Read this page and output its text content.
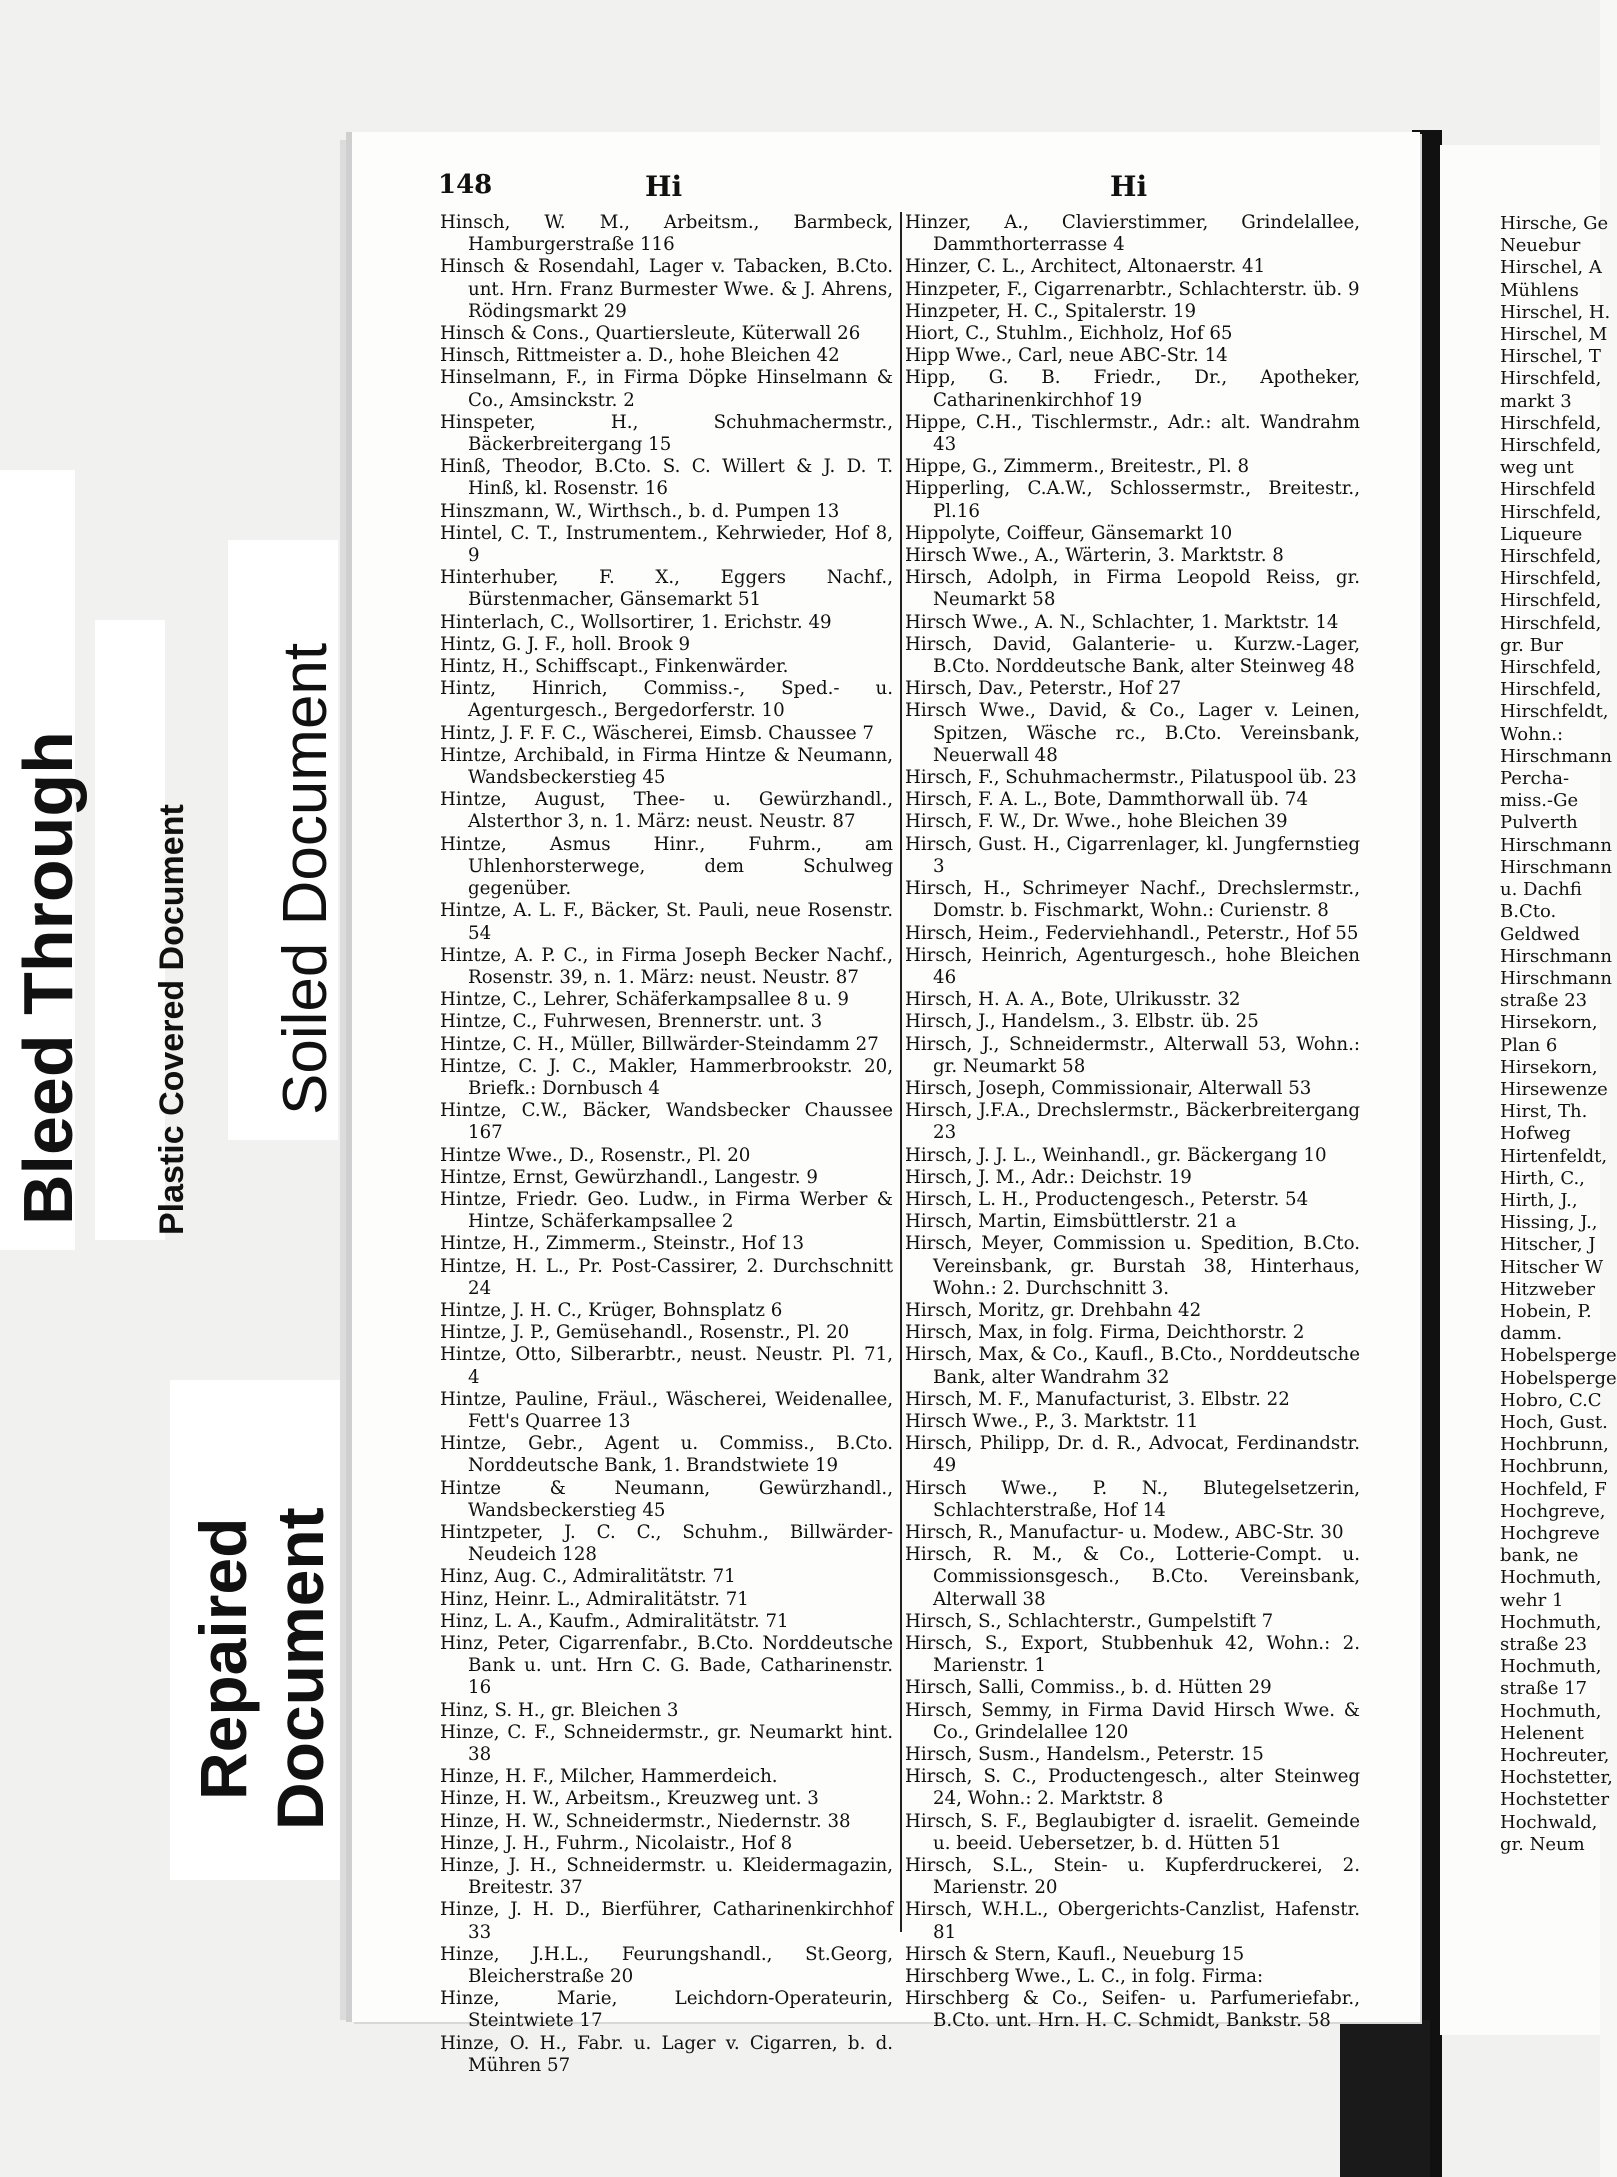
Bleed Through Plastic Covered Document Soiled Document
Repaired Document
148	Hi	Hi
Hinsch, W. M., Arbeitsm., Barmbeck, Hamburgerstraße 116
Hinsch & Rosendahl, Lager v. Tabacken, B.Cto. unt. Hrn. Franz Burmester Wwe. & J. Ahrens, Rödingsmarkt 29
Hinsch & Cons., Quartiersleute, Küterwall 26
Hinsch, Rittmeister a. D., hohe Bleichen 42
Hinselmann, F., in Firma Döpke Hinselmann & Co., Amsinckstr. 2
Hinspeter, H., Schuhmachermstr., Bäckerbreitergang 15
Hinß, Theodor, B.Cto. S. C. Willert & J. D. T. Hinß, kl. Rosenstr. 16
Hinszmann, W., Wirthsch., b. d. Pumpen 13
Hintel, C. T., Instrumentem., Kehrwieder, Hof 8, 9
Hinterhuber, F. X., Eggers Nachf., Bürstenmacher, Gänsemarkt 51
Hinterlach, C., Wollsortirer, 1. Erichstr. 49
Hintz, G. J. F., holl. Brook 9
Hintz, H., Schiffscapt., Finkenwärder.
Hintz, Hinrich, Commiss.-, Sped.- u. Agenturgesch., Bergedorferstr. 10
Hintz, J. F. F. C., Wäscherei, Eimsb. Chaussee 7
Hintze, Archibald, in Firma Hintze & Neumann, Wandsbeckerstieg 45
Hintze, August, Thee- u. Gewürzhandl., Alsterthor 3, n. 1. März: neust. Neustr. 87
Hintze, Asmus Hinr., Fuhrm., am Uhlenhorsterwege, dem Schulweg gegenüber.
Hintze, A. L. F., Bäcker, St. Pauli, neue Rosenstr. 54
Hintze, A. P. C., in Firma Joseph Becker Nachf., Rosenstr. 39, n. 1. März: neust. Neustr. 87
Hintze, C., Lehrer, Schäferkampsallee 8 u. 9
Hintze, C., Fuhrwesen, Brennerstr. unt. 3
Hintze, C. H., Müller, Billwärder-Steindamm 27
Hintze, C. J. C., Makler, Hammerbrookstr. 20, Briefk.: Dornbusch 4
Hintze, C.W., Bäcker, Wandsbecker Chaussee 167
Hintze Wwe., D., Rosenstr., Pl. 20
Hintze, Ernst, Gewürzhandl., Langestr. 9
Hintze, Friedr. Geo. Ludw., in Firma Werber & Hintze, Schäferkampsallee 2
Hintze, H., Zimmerm., Steinstr., Hof 13
Hintze, H. L., Pr. Post-Cassirer, 2. Durchschnitt 24
Hintze, J. H. C., Krüger, Bohnsplatz 6
Hintze, J. P., Gemüsehandl., Rosenstr., Pl. 20
Hintze, Otto, Silberarbtr., neust. Neustr. Pl. 71, 4
Hintze, Pauline, Fräul., Wäscherei, Weidenallee, Fett's Quarree 13
Hintze, Gebr., Agent u. Commiss., B.Cto. Norddeutsche Bank, 1. Brandstwiete 19
Hintze & Neumann, Gewürzhandl., Wandsbeckerstieg 45
Hintzpeter, J. C. C., Schuhm., Billwärder-Neudeich 128
Hinz, Aug. C., Admiralitätstr. 71
Hinz, Heinr. L., Admiralitätstr. 71
Hinz, L. A., Kaufm., Admiralitätstr. 71
Hinz, Peter, Cigarrenfabr., B.Cto. Norddeutsche Bank u. unt. Hrn C. G. Bade, Catharinenstr. 16
Hinz, S. H., gr. Bleichen 3
Hinze, C. F., Schneidermstr., gr. Neumarkt hint. 38
Hinze, H. F., Milcher, Hammerdeich.
Hinze, H. W., Arbeitsm., Kreuzweg unt. 3
Hinze, H. W., Schneidermstr., Niedernstr. 38
Hinze, J. H., Fuhrm., Nicolaistr., Hof 8
Hinze, J. H., Schneidermstr. u. Kleidermagazin, Breitestr. 37
Hinze, J. H. D., Bierführer, Catharinenkirchhof 33
Hinze, J.H.L., Feurungshandl., St.Georg, Bleicherstraße 20
Hinze, Marie, Leichdorn-Operateurin, Steintwiete 17
Hinze, O. H., Fabr. u. Lager v. Cigarren, b. d. Mühren 57
Hinzer, A., Clavierstimmer, Grindelallee, Dammthorterrasse 4
Hinzer, C. L., Architect, Altonaerstr. 41
Hinzpeter, F., Cigarrenarbtr., Schlachterstr. üb. 9
Hinzpeter, H. C., Spitalerstr. 19
Hiort, C., Stuhlm., Eichholz, Hof 65
Hipp Wwe., Carl, neue ABC-Str. 14
Hipp, G. B. Friedr., Dr., Apotheker, Catharinenkirchhof 19
Hippe, C.H., Tischlermstr., Adr.: alt. Wandrahm 43
Hippe, G., Zimmerm., Breitestr., Pl. 8
Hipperling, C.A.W., Schlossermstr., Breitestr., Pl.16
Hippolyte, Coiffeur, Gänsemarkt 10
Hirsch Wwe., A., Wärterin, 3. Marktstr. 8
Hirsch, Adolph, in Firma Leopold Reiss, gr. Neumarkt 58
Hirsch Wwe., A. N., Schlachter, 1. Marktstr. 14
Hirsch, David, Galanterie- u. Kurzw.-Lager, B.Cto. Norddeutsche Bank, alter Steinweg 48
Hirsch, Dav., Peterstr., Hof 27
Hirsch Wwe., David, & Co., Lager v. Leinen, Spitzen, Wäsche rc., B.Cto. Vereinsbank, Neuerwall 48
Hirsch, F., Schuhmachermstr., Pilatuspool üb. 23
Hirsch, F. A. L., Bote, Dammthorwall üb. 74
Hirsch, F. W., Dr. Wwe., hohe Bleichen 39
Hirsch, Gust. H., Cigarrenlager, kl. Jungfernstieg 3
Hirsch, H., Schrimeyer Nachf., Drechslermstr., Domstr. b. Fischmarkt, Wohn.: Curienstr. 8
Hirsch, Heim., Federviehhandl., Peterstr., Hof 55
Hirsch, Heinrich, Agenturgesch., hohe Bleichen 46
Hirsch, H. A. A., Bote, Ulrikusstr. 32
Hirsch, J., Handelsm., 3. Elbstr. üb. 25
Hirsch, J., Schneidermstr., Alterwall 53, Wohn.: gr. Neumarkt 58
Hirsch, Joseph, Commissionair, Alterwall 53
Hirsch, J.F.A., Drechslermstr., Bäckerbreitergang 23
Hirsch, J. J. L., Weinhandl., gr. Bäckergang 10
Hirsch, J. M., Adr.: Deichstr. 19
Hirsch, L. H., Productengesch., Peterstr. 54
Hirsch, Martin, Eimsbüttlerstr. 21 a
Hirsch, Meyer, Commission u. Spedition, B.Cto. Vereinsbank, gr. Burstah 38, Hinterhaus, Wohn.: 2. Durchschnitt 3.
Hirsch, Moritz, gr. Drehbahn 42
Hirsch, Max, in folg. Firma, Deichthorstr. 2
Hirsch, Max, & Co., Kaufl., B.Cto., Norddeutsche Bank, alter Wandrahm 32
Hirsch, M. F., Manufacturist, 3. Elbstr. 22
Hirsch Wwe., P., 3. Marktstr. 11
Hirsch, Philipp, Dr. d. R., Advocat, Ferdinandstr. 49
Hirsch Wwe., P. N., Blutegelsetzerin, Schlachterstraße, Hof 14
Hirsch, R., Manufactur- u. Modew., ABC-Str. 30
Hirsch, R. M., & Co., Lotterie-Compt. u. Commissionsgesch., B.Cto. Vereinsbank, Alterwall 38
Hirsch, S., Schlachterstr., Gumpelstift 7
Hirsch, S., Export, Stubbenhuk 42, Wohn.: 2. Marienstr. 1
Hirsch, Salli, Commiss., b. d. Hütten 29
Hirsch, Semmy, in Firma David Hirsch Wwe. & Co., Grindelallee 120
Hirsch, Susm., Handelsm., Peterstr. 15
Hirsch, S. C., Productengesch., alter Steinweg 24, Wohn.: 2. Marktstr. 8
Hirsch, S. F., Beglaubigter d. israelit. Gemeinde u. beeid. Uebersetzer, b. d. Hütten 51
Hirsch, S.L., Stein- u. Kupferdruckerei, 2. Marienstr. 20
Hirsch, W.H.L., Obergerichts-Canzlist, Hafenstr. 81
Hirsch & Stern, Kaufl., Neueburg 15
Hirschberg Wwe., L. C., in folg. Firma:
Hirschberg & Co., Seifen- u. Parfumeriefabr., B.Cto. unt. Hrn. H. C. Schmidt, Bankstr. 58
Hirsche, Ge
Neuebur
Hirschel, A
Mühlens
Hirschel, H.
Hirschel, M
Hirschel, T
Hirschfeld,
markt 3
Hirschfeld,
Hirschfeld,
weg unt
Hirschfeld
Hirschfeld,
Liqueure
Hirschfeld,
Hirschfeld,
Hirschfeld,
Hirschfeld,
gr. Bur
Hirschfeld,
Hirschfeld,
Hirschfeldt,
Wohn.:
Hirschmann
Percha-
miss.-Ge
Pulverth
Hirschmann
Hirschmann
u. Dachfi
B.Cto.
Geldwed
Hirschmann
Hirschmann
straße 23
Hirsekorn,
Plan 6
Hirsekorn,
Hirsewenze
Hirst, Th.
Hofweg
Hirtenfeldt,
Hirth, C.,
Hirth, J.,
Hissing, J.,
Hitscher, J
Hitscher W
Hitzweber
Hobein, P.
damm.
Hobelsperge
Hobelsperge
Hobro, C.C
Hoch, Gust.
Hochbrunn,
Hochbrunn,
Hochfeld, F
Hochgreve,
Hochgreve
bank, ne
Hochmuth,
wehr 1
Hochmuth,
straße 23
Hochmuth,
straße 17
Hochmuth,
Helenent
Hochreuter,
Hochstetter,
Hochstetter
Hochwald,
gr. Neum
